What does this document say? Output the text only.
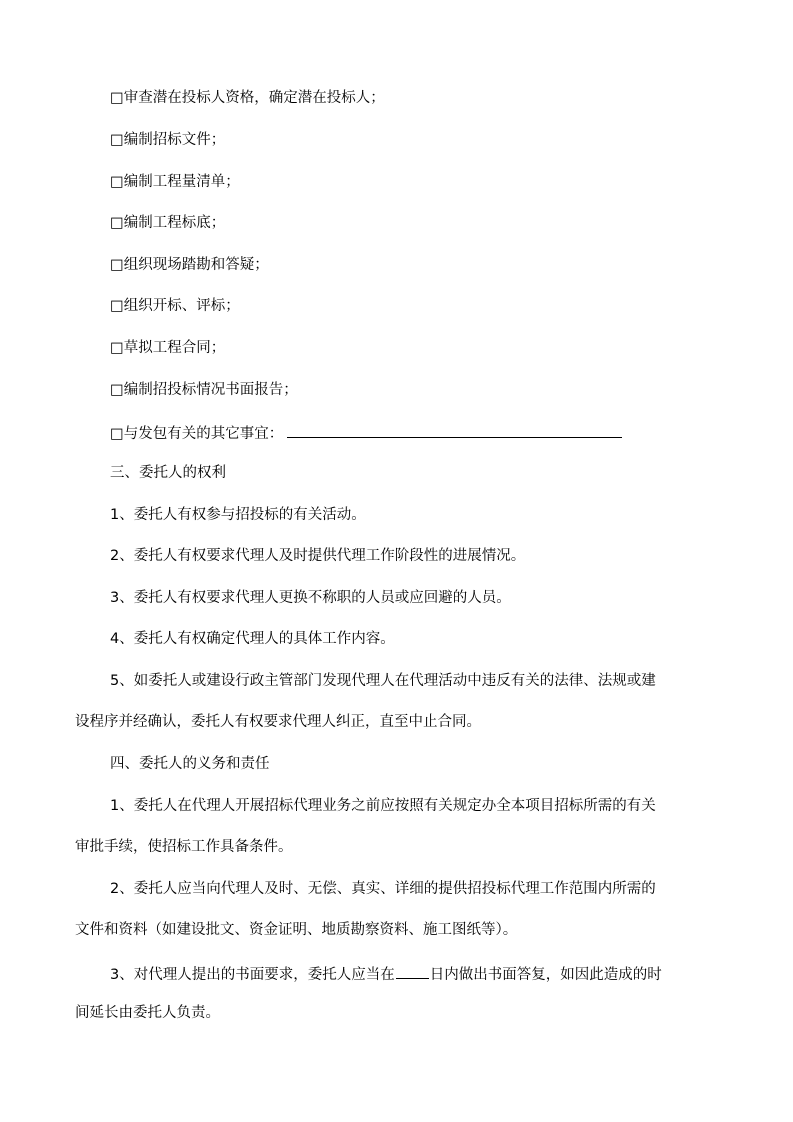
□审查潜在投标人资格，确定潜在投标人；
□编制招标文件；
□编制工程量清单；
□编制工程标底；
□组织现场踏勘和答疑；
□组织开标、评标；
□草拟工程合同；
□编制招投标情况书面报告；
□与发包有关的其它事宜：
三、委托人的权利
1、委托人有权参与招投标的有关活动。
2、委托人有权要求代理人及时提供代理工作阶段性的进展情况。
3、委托人有权要求代理人更换不称职的人员或应回避的人员。
4、委托人有权确定代理人的具体工作内容。
5、如委托人或建设行政主管部门发现代理人在代理活动中违反有关的法律、法规或建
设程序并经确认，委托人有权要求代理人纠正，直至中止合同。
四、委托人的义务和责任
1、委托人在代理人开展招标代理业务之前应按照有关规定办全本项目招标所需的有关
审批手续，使招标工作具备条件。
2、委托人应当向代理人及时、无偿、真实、详细的提供招投标代理工作范围内所需的
文件和资料（如建设批文、资金证明、地质勘察资料、施工图纸等）。
3、对代理人提出的书面要求，委托人应当在 日内做出书面答复，如因此造成的时
间延长由委托人负责。
